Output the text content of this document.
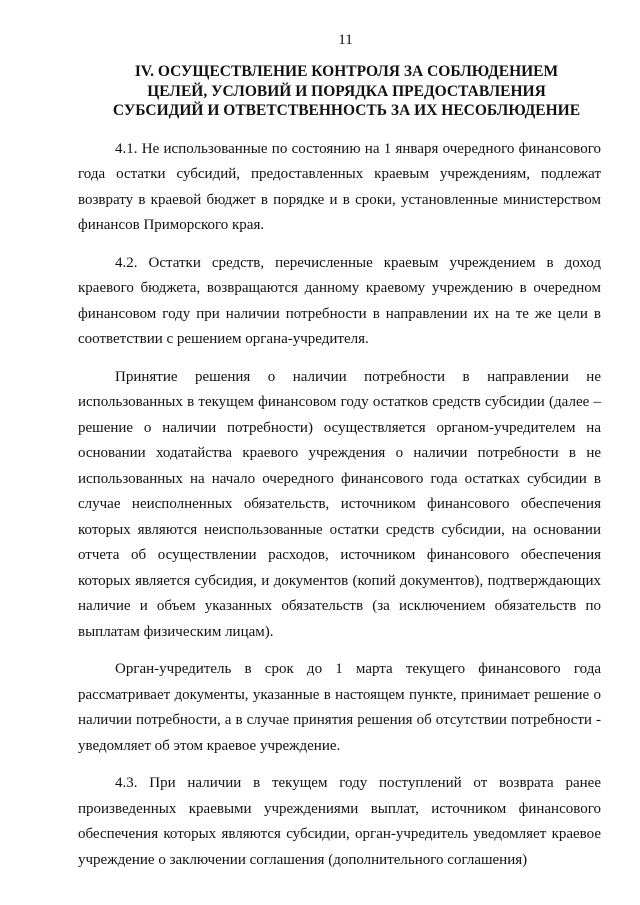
11
IV. ОСУЩЕСТВЛЕНИЕ КОНТРОЛЯ ЗА СОБЛЮДЕНИЕМ
ЦЕЛЕЙ, УСЛОВИЙ И ПОРЯДКА ПРЕДОСТАВЛЕНИЯ
СУБСИДИЙ И ОТВЕТСТВЕННОСТЬ ЗА ИХ НЕСОБЛЮДЕНИЕ

4.1. Не использованные по состоянию на 1 января очередного финансового года остатки субсидий, предоставленных краевым учреждениям, подлежат возврату в краевой бюджет в порядке и в сроки, установленные министерством финансов Приморского края.

4.2. Остатки средств, перечисленные краевым учреждением в доход краевого бюджета, возвращаются данному краевому учреждению в очередном финансовом году при наличии потребности в направлении их на те же цели в соответствии с решением органа-учредителя.

Принятие решения о наличии потребности в направлении не использованных в текущем финансовом году остатков средств субсидии (далее – решение о наличии потребности) осуществляется органом-учредителем на основании ходатайства краевого учреждения о наличии потребности в не использованных на начало очередного финансового года остатках субсидии в случае неисполненных обязательств, источником финансового обеспечения которых являются неиспользованные остатки средств субсидии, на основании отчета об осуществлении расходов, источником финансового обеспечения которых является субсидия, и документов (копий документов), подтверждающих наличие и объем указанных обязательств (за исключением обязательств по выплатам физическим лицам).

Орган-учредитель в срок до 1 марта текущего финансового года рассматривает документы, указанные в настоящем пункте, принимает решение о наличии потребности, а в случае принятия решения об отсутствии потребности - уведомляет об этом краевое учреждение.

4.3. При наличии в текущем году поступлений от возврата ранее произведенных краевыми учреждениями выплат, источником финансового обеспечения которых являются субсидии, орган-учредитель уведомляет краевое учреждение о заключении соглашения (дополнительного соглашения)
